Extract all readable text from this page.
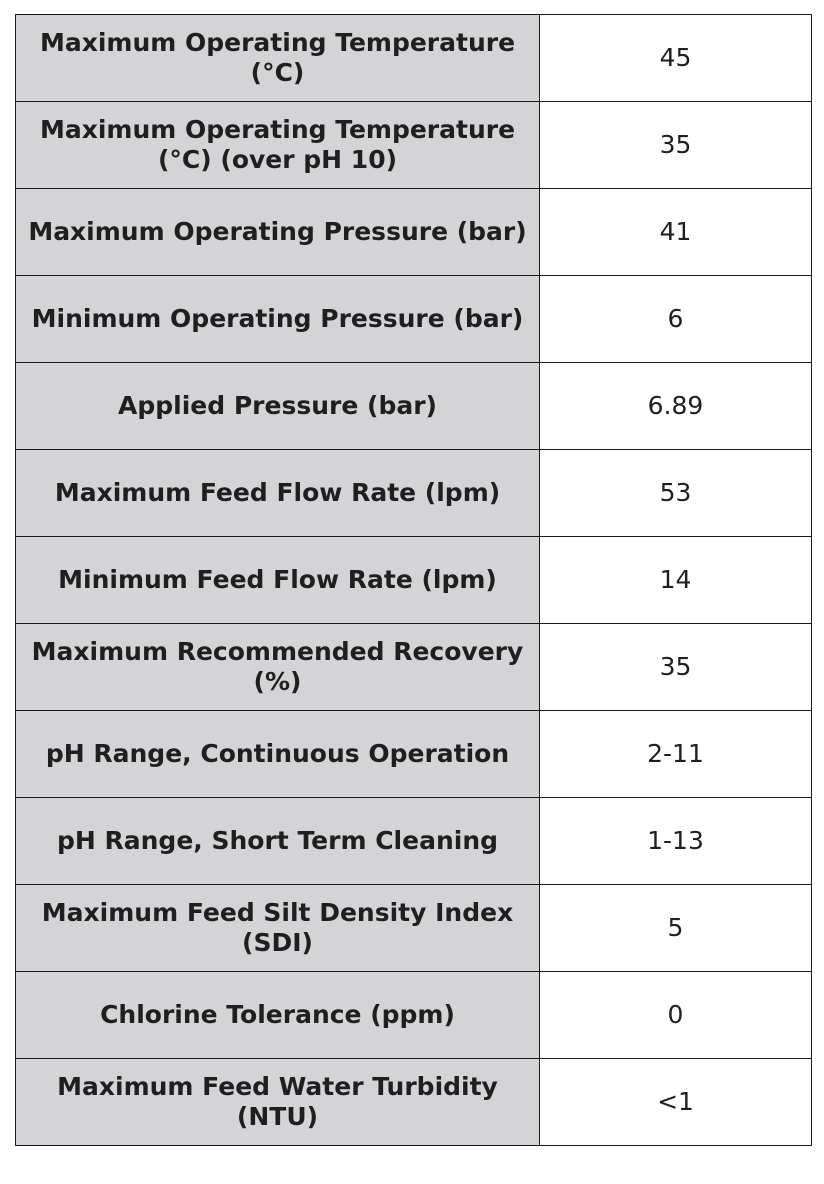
Maximum Operating Temperature (°C)	45
Maximum Operating Temperature (°C) (over pH 10)	35
Maximum Operating Pressure (bar)	41
Minimum Operating Pressure (bar)	6
Applied Pressure (bar)	6.89
Maximum Feed Flow Rate (lpm)	53
Minimum Feed Flow Rate (lpm)	14
Maximum Recommended Recovery (%)	35
pH Range, Continuous Operation	2-11
pH Range, Short Term Cleaning	1-13
Maximum Feed Silt Density Index (SDI)	5
Chlorine Tolerance (ppm)	0
Maximum Feed Water Turbidity (NTU)	<1
